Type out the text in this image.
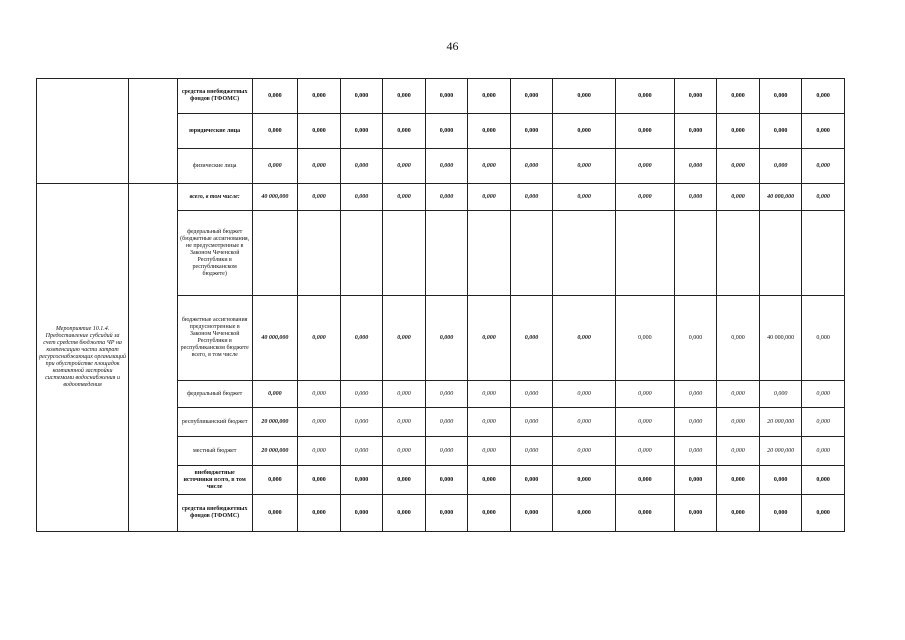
46
		средства внебюджетных фондов (ТФОМС)	0,000	0,000	0,000	0,000	0,000	0,000	0,000	0,000	0,000	0,000	0,000	0,000	0,000
		юридические лица	0,000	0,000	0,000	0,000	0,000	0,000	0,000	0,000	0,000	0,000	0,000	0,000	0,000
		физические лица	0,000	0,000	0,000	0,000	0,000	0,000	0,000	0,000	0,000	0,000	0,000	0,000	0,000
Мероприятие 10.1.4. Предоставление субсидий за счет средств бюджета ЧР на компенсацию части затрат ресурсоснабжающих организаций при обустройстве площадок компактной застройки системами водоснабжения и водоотведения		всего, в том числе:	40 000,000	0,000	0,000	0,000	0,000	0,000	0,000	0,000	0,000	0,000	0,000	40 000,000	0,000
		федеральный бюджет (бюджетные ассигнования, не предусмотренные в Законом Чеченской Республики в республиканском бюджете)													
		бюджетные ассигнования предусмотренные в Законом Чеченской Республики в республиканском бюджете всего, в том числе	40 000,000	0,000	0,000	0,000	0,000	0,000	0,000	0,000	0,000	0,000	0,000	40 000,000	0,000
		федеральный бюджет	0,000	0,000	0,000	0,000	0,000	0,000	0,000	0,000	0,000	0,000	0,000	0,000	0,000
		республиканский бюджет	20 000,000	0,000	0,000	0,000	0,000	0,000	0,000	0,000	0,000	0,000	0,000	20 000,000	0,000
		местный бюджет	20 000,000	0,000	0,000	0,000	0,000	0,000	0,000	0,000	0,000	0,000	0,000	20 000,000	0,000
		внебюджетные источники всего, в том числе	0,000	0,000	0,000	0,000	0,000	0,000	0,000	0,000	0,000	0,000	0,000	0,000	0,000
		средства внебюджетных фондов (ТФОМС)	0,000	0,000	0,000	0,000	0,000	0,000	0,000	0,000	0,000	0,000	0,000	0,000	0,000
